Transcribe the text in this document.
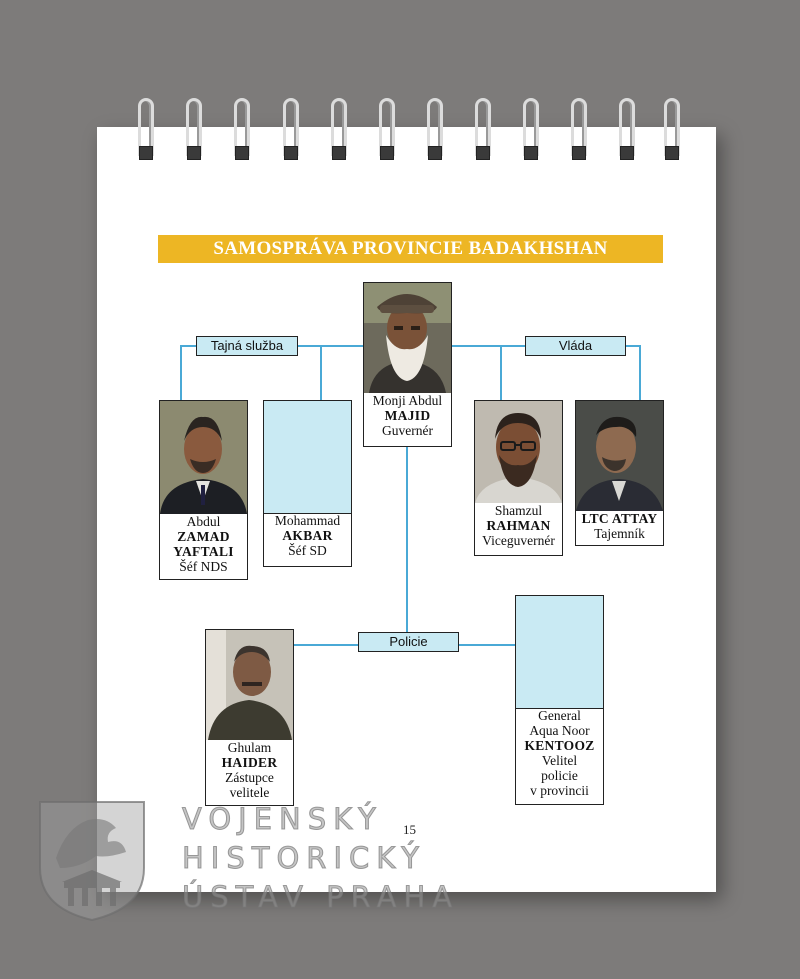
SAMOSPRÁVA PROVINCIE BADAKHSHAN
Tajná služba	Vláda
Policie
Monji Abdul
MAJID
Guvernér
Abdul
ZAMAD
YAFTALI
Šéf NDS
Mohammad
AKBAR
Šéf SD
Shamzul
RAHMAN
Viceguvernér
LTC ATTAY
Tajemník
Ghulam
HAIDER
Zástupce
velitele
General
Aqua Noor
KENTOOZ
Velitel
policie
v provincii
15
VOJENSKÝ
HISTORICKÝ
ÚSTAV PRAHA
